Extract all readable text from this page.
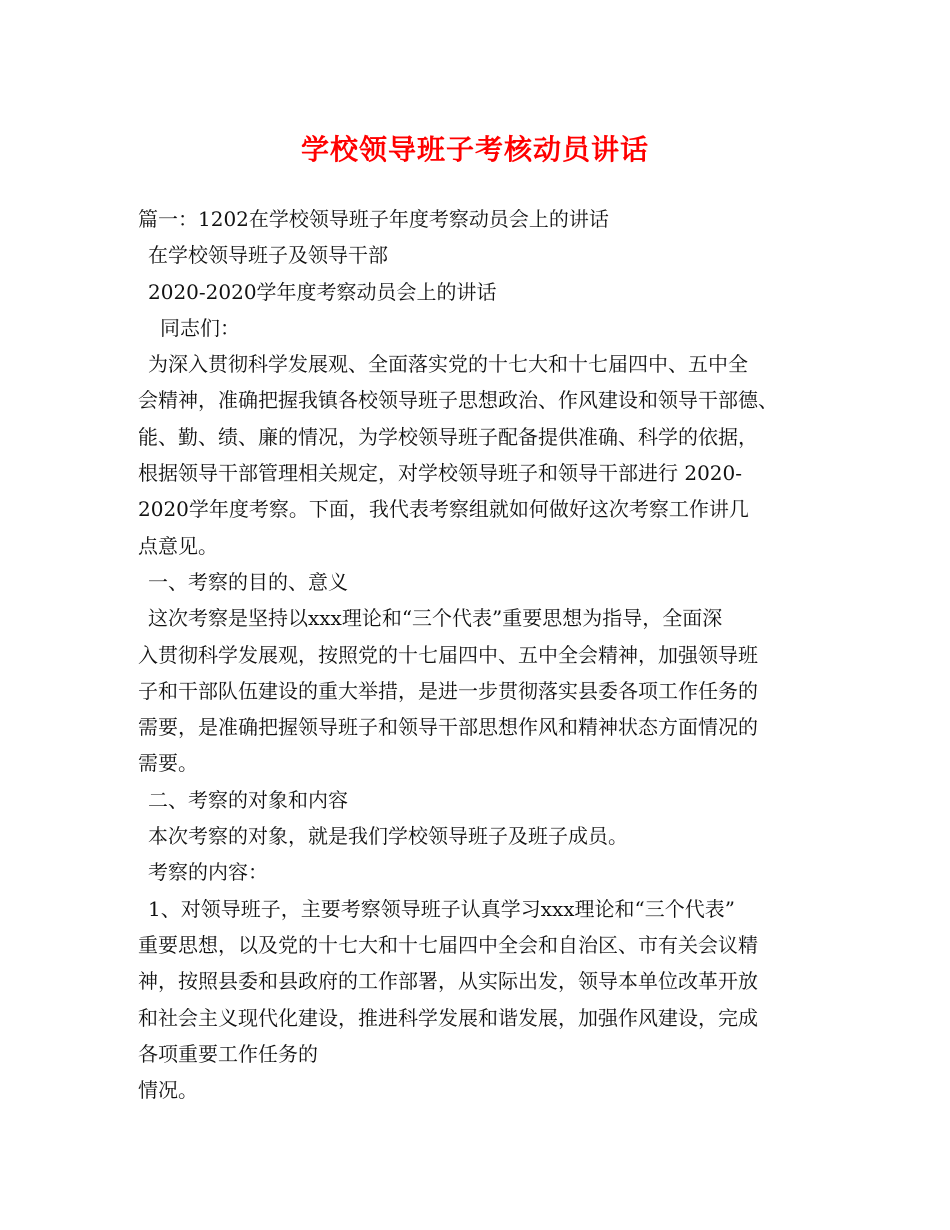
学校领导班子考核动员讲话
篇一：1202在学校领导班子年度考察动员会上的讲话
在学校领导班子及领导干部
2020-2020学年度考察动员会上的讲话
同志们：
为深入贯彻科学发展观、全面落实党的十七大和十七届四中、五中全
会精神，准确把握我镇各校领导班子思想政治、作风建设和领导干部德、
能、勤、绩、廉的情况，为学校领导班子配备提供准确、科学的依据，
根据领导干部管理相关规定，对学校领导班子和领导干部进行 2020-
2020学年度考察。下面，我代表考察组就如何做好这次考察工作讲几
点意见。
一、考察的目的、意义
这次考察是坚持以xxx理论和“三个代表”重要思想为指导，全面深
入贯彻科学发展观，按照党的十七届四中、五中全会精神，加强领导班
子和干部队伍建设的重大举措，是进一步贯彻落实县委各项工作任务的
需要，是准确把握领导班子和领导干部思想作风和精神状态方面情况的
需要。
二、考察的对象和内容
本次考察的对象，就是我们学校领导班子及班子成员。
考察的内容：
1、对领导班子，主要考察领导班子认真学习xxx理论和“三个代表”
重要思想，以及党的十七大和十七届四中全会和自治区、市有关会议精
神，按照县委和县政府的工作部署，从实际出发，领导本单位改革开放
和社会主义现代化建设，推进科学发展和谐发展，加强作风建设，完成
各项重要工作任务的
情况。
